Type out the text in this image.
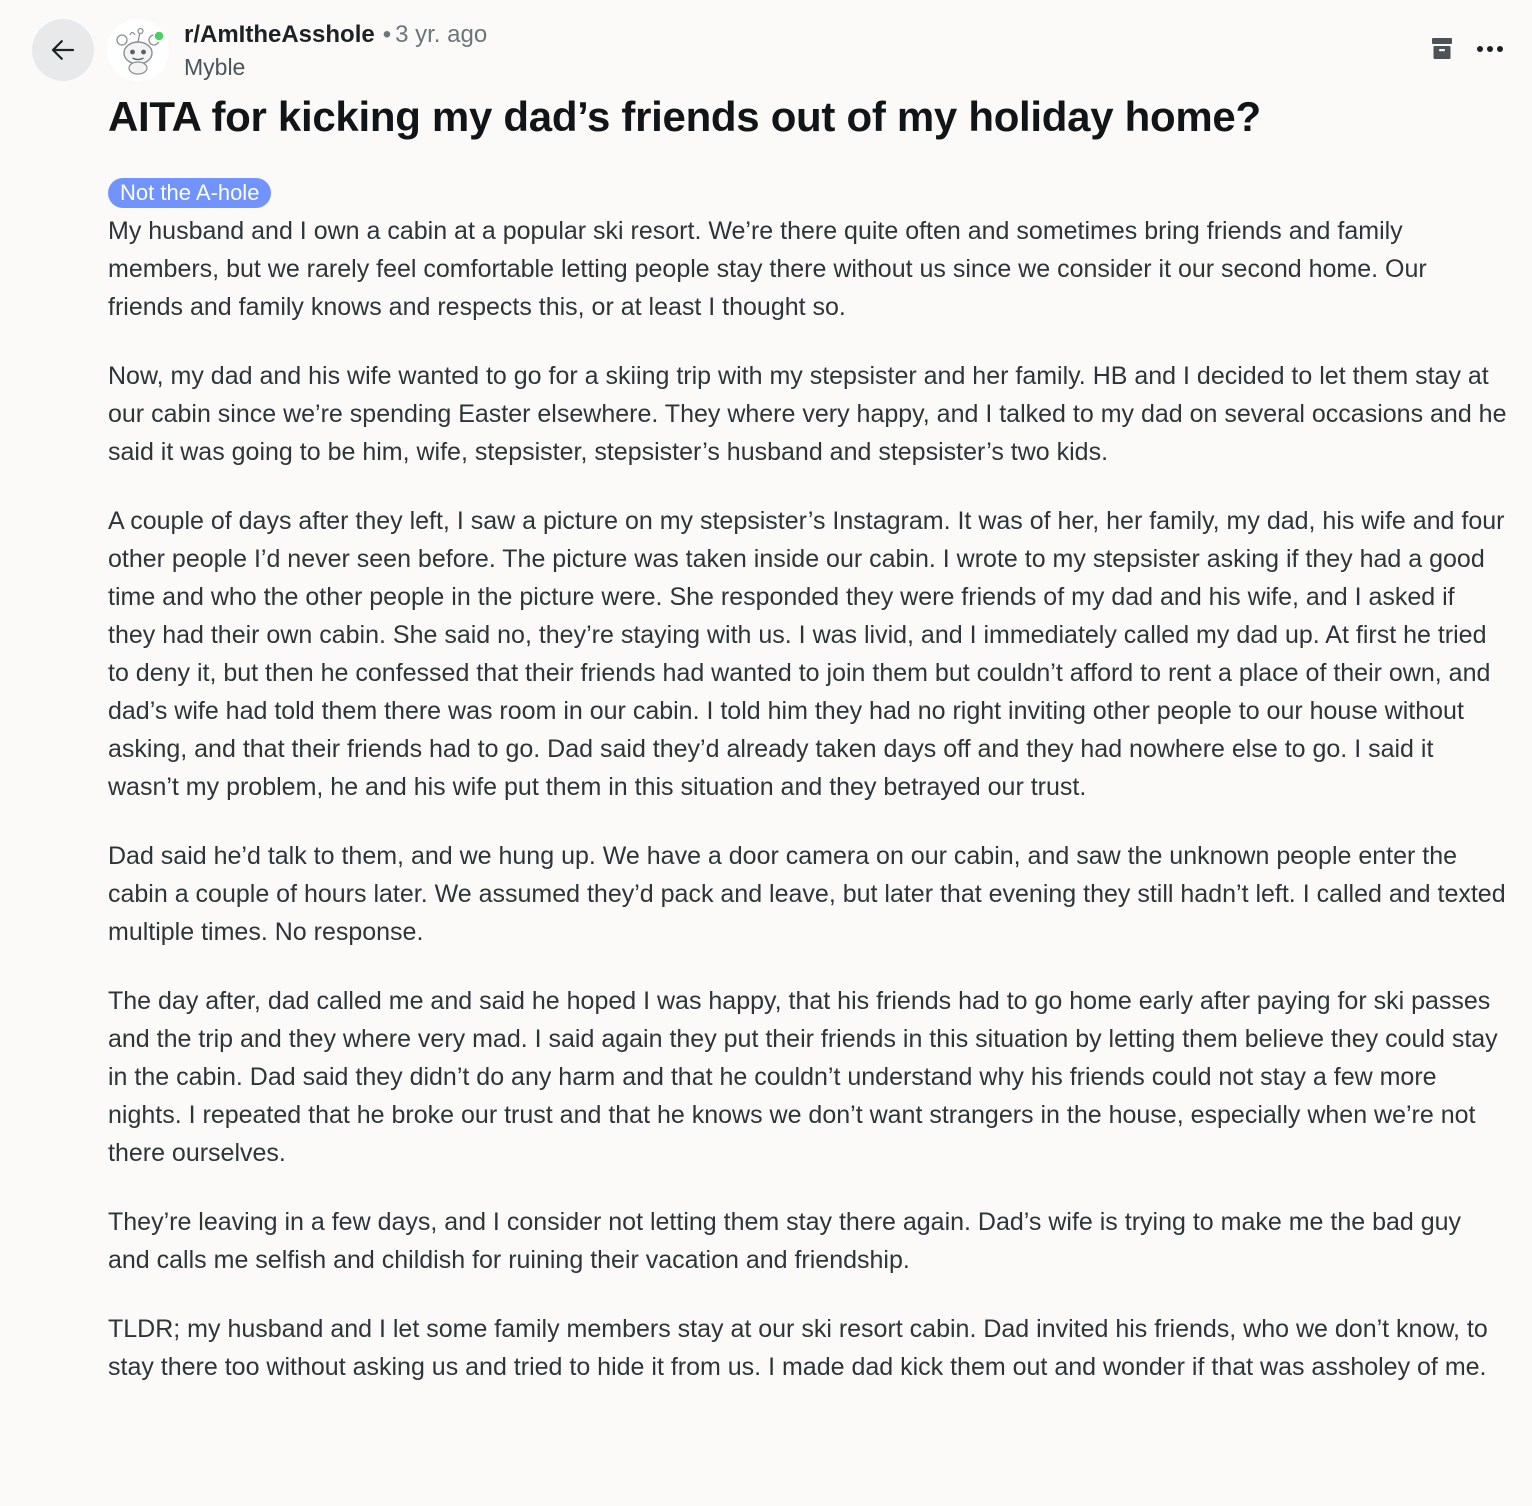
r/AmItheAsshole • 3 yr. ago
Myble
AITA for kicking my dad’s friends out of my holiday home?
Not the A-hole

My husband and I own a cabin at a popular ski resort. We’re there quite often and sometimes bring friends and family members, but we rarely feel comfortable letting people stay there without us since we consider it our second home. Our friends and family knows and respects this, or at least I thought so.

Now, my dad and his wife wanted to go for a skiing trip with my stepsister and her family. HB and I decided to let them stay at our cabin since we’re spending Easter elsewhere. They where very happy, and I talked to my dad on several occasions and he said it was going to be him, wife, stepsister, stepsister’s husband and stepsister’s two kids.

A couple of days after they left, I saw a picture on my stepsister’s Instagram. It was of her, her family, my dad, his wife and four other people I’d never seen before. The picture was taken inside our cabin. I wrote to my stepsister asking if they had a good time and who the other people in the picture were. She responded they were friends of my dad and his wife, and I asked if they had their own cabin. She said no, they’re staying with us. I was livid, and I immediately called my dad up. At first he tried to deny it, but then he confessed that their friends had wanted to join them but couldn’t afford to rent a place of their own, and dad’s wife had told them there was room in our cabin. I told him they had no right inviting other people to our house without asking, and that their friends had to go. Dad said they’d already taken days off and they had nowhere else to go. I said it wasn’t my problem, he and his wife put them in this situation and they betrayed our trust.

Dad said he’d talk to them, and we hung up. We have a door camera on our cabin, and saw the unknown people enter the cabin a couple of hours later. We assumed they’d pack and leave, but later that evening they still hadn’t left. I called and texted multiple times. No response.

The day after, dad called me and said he hoped I was happy, that his friends had to go home early after paying for ski passes and the trip and they where very mad. I said again they put their friends in this situation by letting them believe they could stay in the cabin. Dad said they didn’t do any harm and that he couldn’t understand why his friends could not stay a few more nights. I repeated that he broke our trust and that he knows we don’t want strangers in the house, especially when we’re not there ourselves.

They’re leaving in a few days, and I consider not letting them stay there again. Dad’s wife is trying to make me the bad guy and calls me selfish and childish for ruining their vacation and friendship.

TLDR; my husband and I let some family members stay at our ski resort cabin. Dad invited his friends, who we don’t know, to stay there too without asking us and tried to hide it from us. I made dad kick them out and wonder if that was assholey of me.
